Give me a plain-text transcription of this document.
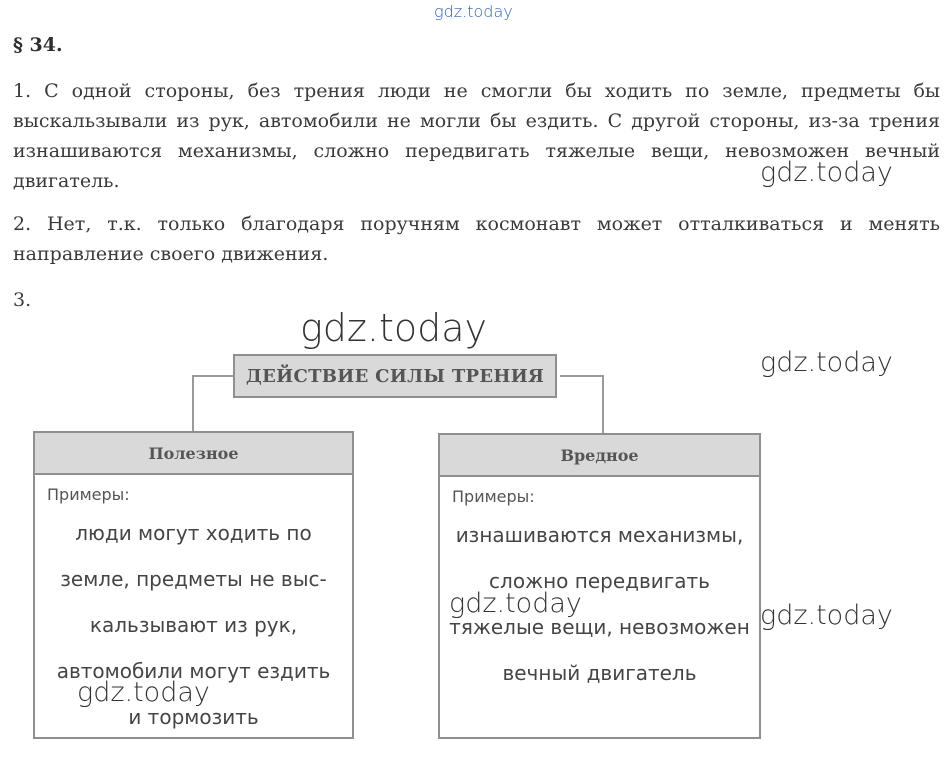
gdz.today
§ 34.
1. С одной стороны, без трения люди не смогли бы ходить по земле, предметы бы выскальзывали из рук, автомобили не могли бы ездить. С другой стороны, из-за трения изнашиваются механизмы, сложно передвигать тяжелые вещи, невозможен вечный двигатель.
2. Нет, т.к. только благодаря поручням космонавт может отталкиваться и менять направление своего движения.
3.
ДЕЙСТВИЕ СИЛЫ ТРЕНИЯ
Полезное
Примеры:
люди могут ходить по
земле, предметы не выс-
кальзывают из рук,
автомобили могут ездить
и тормозить
Вредное
Примеры:
изнашиваются механизмы,
сложно передвигать
тяжелые вещи, невозможен
вечный двигатель
gdz.today
gdz.today
gdz.today
gdz.today	gdz.today
gdz.today
